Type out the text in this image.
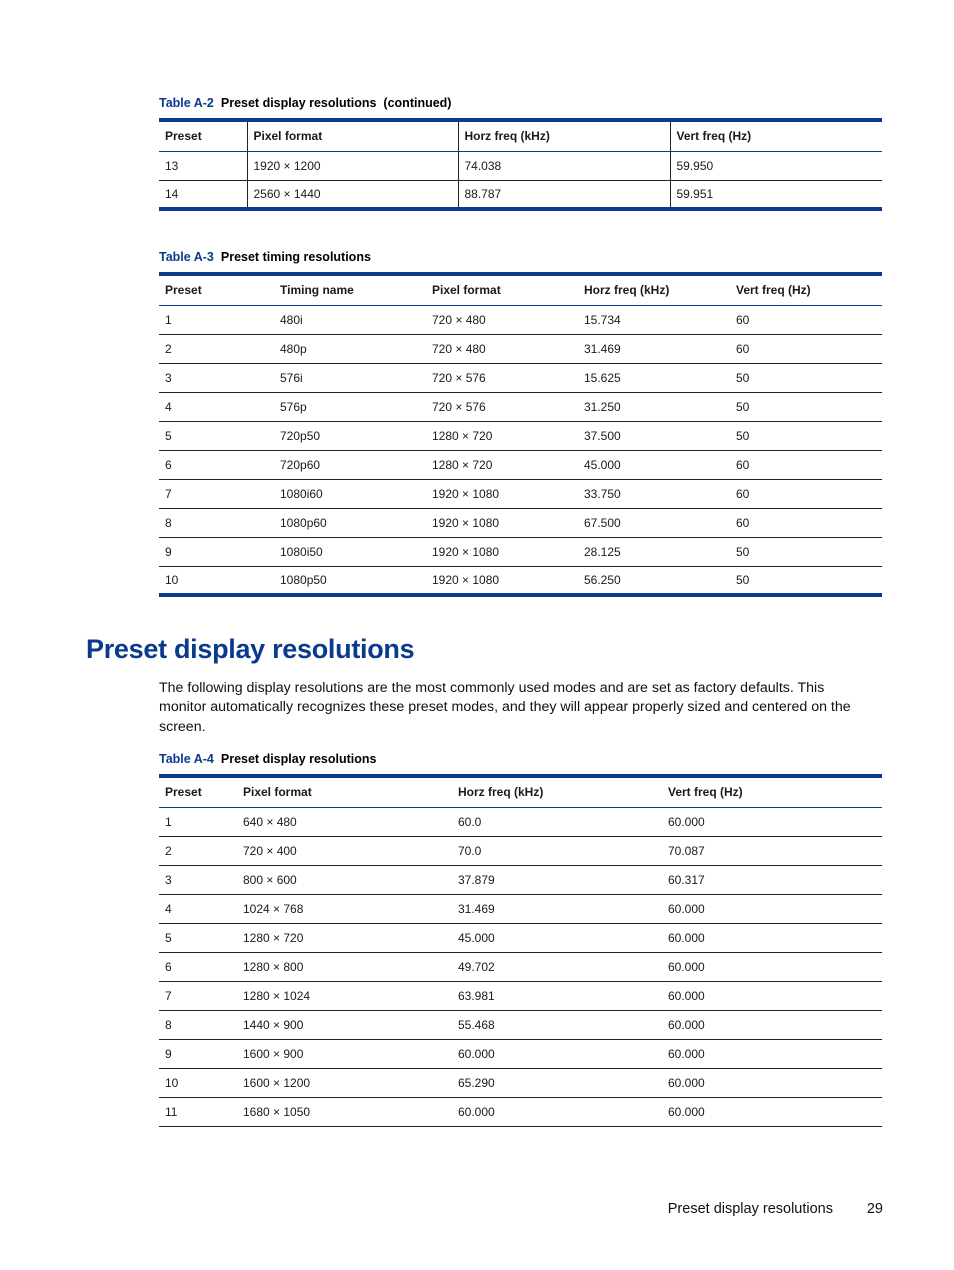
Table A-2 Preset display resolutions  (continued)
Preset	Pixel format	Horz freq (kHz)	Vert freq (Hz)
13	1920 × 1200	74.038	59.950
14	2560 × 1440	88.787	59.951
Table A-3 Preset timing resolutions
Preset	Timing name	Pixel format	Horz freq (kHz)	Vert freq (Hz)
1	480i	720 × 480	15.734	60
2	480p	720 × 480	31.469	60
3	576i	720 × 576	15.625	50
4	576p	720 × 576	31.250	50
5	720p50	1280 × 720	37.500	50
6	720p60	1280 × 720	45.000	60
7	1080i60	1920 × 1080	33.750	60
8	1080p60	1920 × 1080	67.500	60
9	1080i50	1920 × 1080	28.125	50
10	1080p50	1920 × 1080	56.250	50
Preset display resolutions

The following display resolutions are the most commonly used modes and are set as factory defaults. This monitor automatically recognizes these preset modes, and they will appear properly sized and centered on the screen.

Table A-4 Preset display resolutions
Preset	Pixel format	Horz freq (kHz)	Vert freq (Hz)
1	640 × 480	60.0	60.000
2	720 × 400	70.0	70.087
3	800 × 600	37.879	60.317
4	1024 × 768	31.469	60.000
5	1280 × 720	45.000	60.000
6	1280 × 800	49.702	60.000
7	1280 × 1024	63.981	60.000
8	1440 × 900	55.468	60.000
9	1600 × 900	60.000	60.000
10	1600 × 1200	65.290	60.000
11	1680 × 1050	60.000	60.000
Preset display resolutions 29
